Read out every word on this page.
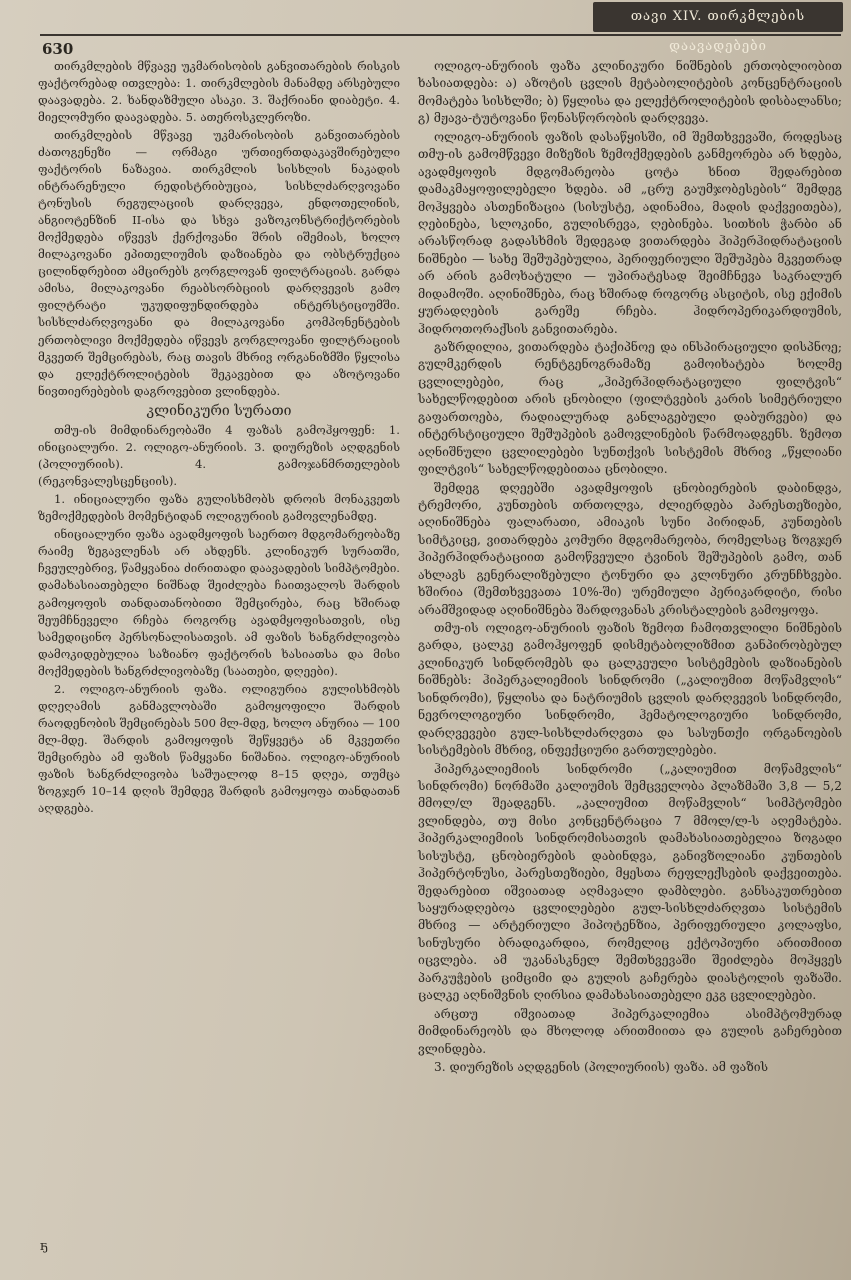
თავი XIV. თირკმლების დაავადებები
630

თირკმლების მწვავე უკმარისობის განვითარების რისკის ფაქტორებად ითვლება: 1. თირკმლების მანამდე არსებული დაავადება. 2. ხანდაზმული ასაკი. 3. შაქრიანი დიაბეტი. 4. მიელომური დაავადება. 5. ათეროსკლეროზი.

თირკმლების მწვავე უკმარისობის განვითარების ძათოგენეზი — ორმაგი ურთიერთდაკავშირებული ფაქტორის ნაზავია. თირკმლის სისხლის ნაკადის ინტრარენული რედისტრიბუცია, სისხლძარღვოვანი ტონუსის რეგულაციის დარღვევა, ენდოთელინის, ანგიოტენზინ II-ისა და სხვა ვაზოკონსტრიქტორების მოქმედება იწვევს ქერქოვანი შრის იშემიას, ხოლო მილაკოვანი ეპითელიუმის დაზიანება და ობსტრუქცია ცილინდრებით ამცირებს გორგლოვან ფილტრაციას. გარდა ამისა, მილაკოვანი რეაბსორბციის დარღვევის გამო ფილტრატი უკუდიფუნდირდება ინტერსტიციუმში. სისხლძარღვოვანი და მილაკოვანი კომპონენტების ერთობლივი მოქმედება იწვევს გორგლოვანი ფილტრაციის მკვეთრ შემცირებას, რაც თავის მხრივ ორგანიზმში წყლისა და ელექტროლიტების შეკავებით და აზოტოვანი ნივთიერებების დაგროვებით ვლინდება.

კლინიკური სურათი

თმუ-ის მიმდინარეობაში 4 ფაზას გამოჰყოფენ: 1. ინიციალური. 2. ოლიგო-ანურიის. 3. დიურეზის აღდგენის (პოლიურიის). 4. გამოჯანმრთელების (რეკონვალესცენციის).

1. ინიციალური ფაზა გულისხმობს დროის მონაკვეთს ზემოქმედების მომენტიდან ოლიგურიის გამოვლენამდე.

ინიციალური ფაზა ავადმყოფის საერთო მდგომარეობაზე რაიმე ზეგავლენას არ ახდენს. კლინიკურ სურათში, ჩვეულებრივ, წამყვანია ძირითადი დაავადების სიმპტომები. დამახასიათებელი ნიშნად შეიძლება ჩაითვალოს შარდის გამოყოფის თანდათანობითი შემცირება, რაც ხშირად შეუმჩნეველი რჩება როგორც ავადმყოფისათვის, ისე სამედიცინო პერსონალისათვის. ამ ფაზის ხანგრძლივობა დამოკიდებულია საზიანო ფაქტორის ხასიათსა და მისი მოქმედების ხანგრძლივობაზე (საათები, დღეები).

2. ოლიგო-ანურიის ფაზა. ოლიგურია გულისხმობს დღეღამის განმავლობაში გამოყოფილი შარდის რაოდენობის შემცირებას 500 მლ-მდე, ხოლო ანურია — 100 მლ-მდე. შარდის გამოყოფის შეწყვეტა ან მკვეთრი შემცირება ამ ფაზის წამყვანი ნიშანია. ოლიგო-ანურიის ფაზის ხანგრძლივობა საშუალოდ 8–15 დღეა, თუმცა ზოგჯერ 10–14 დღის შემდეგ შარდის გამოყოფა თანდათან აღდგება.

ოლიგო-ანურიის ფაზა კლინიკური ნიშნების ერთობლიობით ხასიათდება: ა) აზოტის ცვლის მეტაბოლიტების კონცენტრაციის მომატება სისხლში; ბ) წყლისა და ელექტროლიტების დისბალანსი; გ) მჟავა-ტუტოვანი წონასწორობის დარღვევა.

ოლიგო-ანურიის ფაზის დასაწყისში, იმ შემთხვევაში, როდესაც თმუ-ის გამომწვევი მიზეზის ზემოქმედების განმეორება არ ხდება, ავადმყოფის მდგომარეობა ცოტა ხნით შედარებით დამაკმაყოფილებელი ხდება. ამ „ცრუ გაუმჯობესების“ შემდეგ მოჰყვება ასთენიზაცია (სისუსტე, ადინამია, მადის დაქვეითება), ღებინება, სლოკინი, გულისრევა, ღებინება. სითხის ჭარბი ან არასწორად გადასხმის შედეგად ვითარდება ჰიპერჰიდრატაციის ნიშნები — სახე შეშუპებულია, პერიფერიული შეშუპება მკვეთრად არ არის გამოხატული — უპირატესად შეიმჩნევა საკრალურ მიდამოში. აღინიშნება, რაც ხშირად როგორც ასციტის, ისე ექიმის ყურადღების გარეშე რჩება. ჰიდროპერიკარდიუმის, ჰიდროთორაქსის განვითარება.

გაზრდილია, ვითარდება ტაქიპნოე და ინსპირაციული დისპნოე; გულმკერდის რენტგენოგრამაზე გამოიხატება ხოლმე ცვლილებები, რაც „ჰიპერჰიდრატაციული ფილტვის“ სახელწოდებით არის ცნობილი (ფილტვების კარის სიმეტრიული გაფართოება, რადიალურად განლაგებული დაბურვები) და ინტერსტიციული შეშუპების გამოვლინების წარმოადგენს. ზემოთ აღნიშნული ცვლილებები სუნთქვის სისტემის მხრივ „წყლიანი ფილტვის“ სახელწოდებითაა ცნობილი.

შემდეგ დღეებში ავადმყოფის ცნობიერების დაბინდვა, ტრემორი, კუნთების თრთოლვა, ძლიერდება პარესთეზიები, აღინიშნება ფალარათი, ამიაკის სუნი პირიდან, კუნთების სიმტკიცე, ვითარდება კომური მდგომარეობა, რომელსაც ზოგჯერ ჰიპერჰიდრატაციით გამოწვეული ტვინის შეშუპების გამო, თან ახლავს გენერალიზებული ტონური და კლონური კრუნჩხვები. ხშირია (შემთხვევათა 10%-ში) ურემიული პერიკარდიტი, რისი არამშვიდად აღინიშნება შარდოვანას კრისტალების გამოყოფა.

თმუ-ის ოლიგო-ანურიის ფაზის ზემოთ ჩამოთვლილი ნიშნების გარდა, ცალკე გამოჰყოფენ დისმეტაბოლიზმით განპირობებულ კლინიკურ სინდრომებს და ცალკეული სისტემების დაზიანების ნიშნებს: ჰიპერკალიემიის სინდრომი („კალიუმით მოწამვლის“ სინდრომი), წყლისა და ნატრიუმის ცვლის დარღვევის სინდრომი, ნევროლოგიური სინდრომი, ჰემატოლოგიური სინდრომი, დარღვევები გულ-სისხლძარღვთა და სასუნთქი ორგანოების სისტემების მხრივ, ინფექციური გართულებები.

ჰიპერკალიემიის სინდრომი („კალიუმით მოწამვლის“ სინდრომი) ნორმაში კალიუმის შემცველობა პლაზმაში 3,8 — 5,2 მმოლ/ლ შეადგენს. „კალიუმით მოწამვლის“ სიმპტომები ვლინდება, თუ მისი კონცენტრაცია 7 მმოლ/ლ-ს აღემატება. ჰიპერკალიემიის სინდრომისათვის დამახასიათებელია ზოგადი სისუსტე, ცნობიერების დაბინდვა, განივზოლიანი კუნთების ჰიპერტონუსი, პარესთეზიები, მყესთა რეფლექსების დაქვეითება. შედარებით იშვიათად აღმავალი დამბლები. განსაკუთრებით საყურადღებოა ცვლილებები გულ-სისხლძარღვთა სისტემის მხრივ — არტერიული ჰიპოტენზია, პერიფერიული კოლაფსი, სინუსური ბრადიკარდია, რომელიც ექტოპიური არითმიით იცვლება. ამ უკანასკნელ შემთხვევაში შეიძლება მოჰყვეს პარკუჭების ციმციმი და გულის გაჩერება დიასტოლის ფაზაში. ცალკე აღნიშვნის ღირსია დამახასიათებელი ეკგ ცვლილებები.

არცთუ იშვიათად ჰიპერკალიემია ასიმპტომურად მიმდინარეობს და მხოლოდ არითმიითა და გულის გაჩერებით ვლინდება.

3. დიურეზის აღდგენის (პოლიურიის) ფაზა. ამ ფაზის

ҕ
